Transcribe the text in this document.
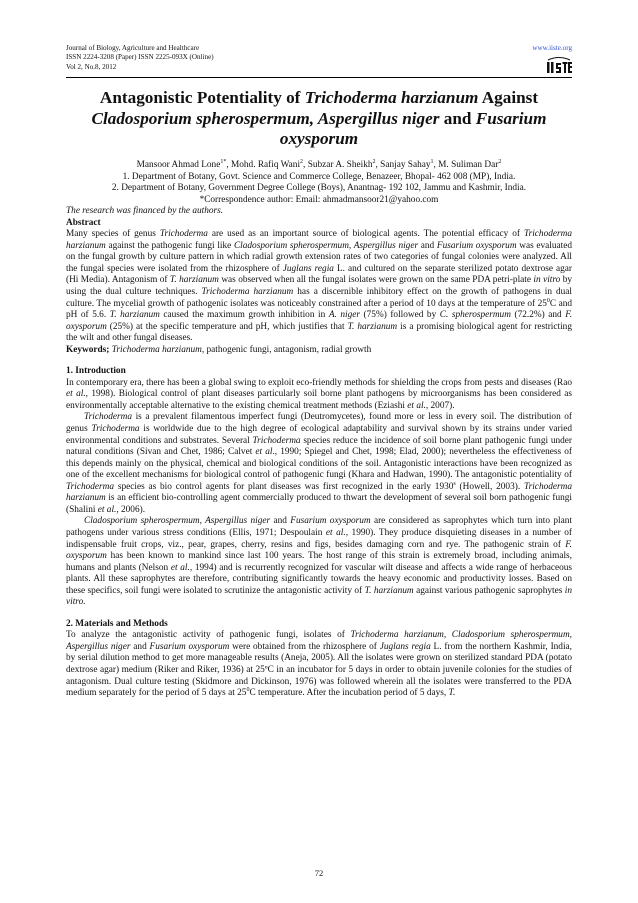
Journal of Biology, Agriculture and Healthcare
ISSN 2224-3208 (Paper) ISSN 2225-093X (Online)
Vol 2, No.8, 2012
www.iiste.org
Antagonistic Potentiality of Trichoderma harzianum Against
Cladosporium spherospermum, Aspergillus niger and Fusarium
oxysporum
Mansoor Ahmad Lone$^{1*}$, Mohd. Rafiq Wani$^2$, Subzar A. Sheikh$^2$, Sanjay Sahay$^1$, M. Suliman Dar$^2$
1. Department of Botany, Govt. Science and Commerce College, Benazeer, Bhopal- 462 008 (MP), India.
2. Department of Botany, Government Degree College (Boys), Anantnag- 192 102, Jammu and Kashmir, India.
*Correspondence author: Email: ahmadmansoor21@yahoo.com
The research was financed by the authors.
Abstract

Many species of genus Trichoderma are used as an important source of biological agents. The potential efficacy of Trichoderma harzianum against the pathogenic fungi like Cladosporium spherospermum, Aspergillus niger and Fusarium oxysporum was evaluated on the fungal growth by culture pattern in which radial growth extension rates of two categories of fungal colonies were analyzed. All the fungal species were isolated from the rhizosphere of Juglans regia L. and cultured on the separate sterilized potato dextrose agar (Hi Media). Antagonism of T. harzianum was observed when all the fungal isolates were grown on the same PDA petri-plate in vitro by using the dual culture techniques. Trichoderma harzianum has a discernible inhibitory effect on the growth of pathogens in dual culture. The mycelial growth of pathogenic isolates was noticeably constrained after a period of 10 days at the temperature of $25^0C$ and pH of 5.6. T. harzianum caused the maximum growth inhibition in A. niger (75%) followed by C. spherospermum (72.2%) and F. oxysporum (25%) at the specific temperature and pH, which justifies that T. harzianum is a promising biological agent for restricting the wilt and other fungal diseases.

Keywords; Trichoderma harzianum, pathogenic fungi, antagonism, radial growth

1. Introduction

In contemporary era, there has been a global swing to exploit eco-friendly methods for shielding the crops from pests and diseases (Rao et al., 1998). Biological control of plant diseases particularly soil borne plant pathogens by microorganisms has been considered as environmentally acceptable alternative to the existing chemical treatment methods (Eziashi et al., 2007).

Trichoderma is a prevalent filamentous imperfect fungi (Deutromycetes), found more or less in every soil. The distribution of genus Trichoderma is worldwide due to the high degree of ecological adaptability and survival shown by its strains under varied environmental conditions and substrates. Several Trichoderma species reduce the incidence of soil borne plant pathogenic fungi under natural conditions (Sivan and Chet, 1986; Calvet et al., 1990; Spiegel and Chet, 1998; Elad, 2000); nevertheless the effectiveness of this depends mainly on the physical, chemical and biological conditions of the soil. Antagonistic interactions have been recognized as one of the excellent mechanisms for biological control of pathogenic fungi (Khara and Hadwan, 1990). The antagonistic potentiality of Trichoderma species as bio control agents for plant diseases was first recognized in the early 1930$^s$ (Howell, 2003). Trichoderma harzianum is an efficient bio-controlling agent commercially produced to thwart the development of several soil born pathogenic fungi (Shalini et al., 2006).

Cladosporium spherospermum, Aspergillus niger and Fusarium oxysporum are considered as saprophytes which turn into plant pathogens under various stress conditions (Ellis, 1971; Despoulain et al., 1990). They produce disquieting diseases in a number of indispensable fruit crops, viz., pear, grapes, cherry, resins and figs, besides damaging corn and rye. The pathogenic strain of F. oxysporum has been known to mankind since last 100 years. The host range of this strain is extremely broad, including animals, humans and plants (Nelson et al., 1994) and is recurrently recognized for vascular wilt disease and affects a wide range of herbaceous plants. All these saprophytes are therefore, contributing significantly towards the heavy economic and productivity losses. Based on these specifics, soil fungi were isolated to scrutinize the antagonistic activity of T. harzianum against various pathogenic saprophytes in vitro.

2. Materials and Methods

To analyze the antagonistic activity of pathogenic fungi, isolates of Trichoderma harzianum, Cladosporium spherospermum, Aspergillus niger and Fusarium oxysporum were obtained from the rhizosphere of Juglans regia L. from the northern Kashmir, India, by serial dilution method to get more manageable results (Aneja, 2005). All the isolates were grown on sterilized standard PDA (potato dextrose agar) medium (Riker and Riker, 1936) at 25ºC in an incubator for 5 days in order to obtain juvenile colonies for the studies of antagonism. Dual culture testing (Skidmore and Dickinson, 1976) was followed wherein all the isolates were transferred to the PDA medium separately for the period of 5 days at $25^0C$ temperature. After the incubation period of 5 days, T.

72
